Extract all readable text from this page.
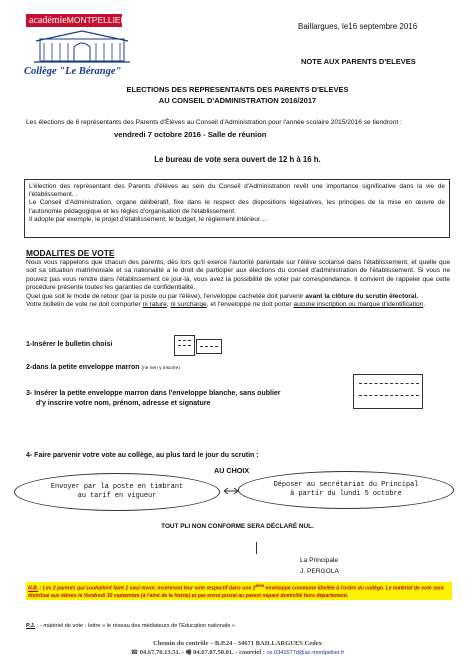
académieMONTPELLIER
Collège "Le Bérange"
Baillargues, le16 septembre 2016
NOTE AUX PARENTS D'ELEVES
ELECTIONS DES REPRESENTANTS DES PARENTS D'ELEVES
AU CONSEIL D'ADMINISTRATION 2016/2017
Les élections de 6 représentants des Parents d'Élèves au Conseil d'Administration pour l'année scolaire 2015/2016 se tiendront :
vendredi 7 octobre 2016 - Salle de réunion
Le bureau de vote sera ouvert de 12 h à 16 h.

L'élection des représentant des Parents d'élèves au sein du Conseil d'Administration revêt une importance significative dans la vie de l'établissement. .

Le Conseil d'Administration, organe délibératif, fixe dans le respect des dispositions législatives, les principes de la mise en œuvre de l'autonomie pédagogique et les règles d'organisation de l'établissement.

Il adopte par exemple, le projet d'établissement, le budget, le règlement intérieur…

MODALITES DE VOTE

Nous vous rappelons que chacun des parents, dès lors qu'il exerce l'autorité parentale sur l'élève scolarisé dans l'établissement, et quelle que soit sa situation matrimoniale et sa nationalité a le droit de participer aux élections du conseil d'administration de l'établissement. Si vous ne pouvez pas vous rendre dans l'établissement ce jour-là, vous avez la possibilité de voter par correspondance. Il convient de rappeler que cette procédure présente toutes les garanties de confidentialité.

Quel que soit le mode de retour (par la poste ou par l'élève), l'enveloppe cachetée doit parvenir avant la clôture du scrutin électoral.

Votre bulletin de vote ne doit comporter ni rature, ni surcharge, et l'enveloppe ne doit porter aucune inscription ou marque d'identification.

1-Insérer le bulletin choisi
2-dans la petite enveloppe marron (ne rien y inscrire)
3- Insérer la petite enveloppe marron dans l'enveloppe blanche, sans oublier
d'y inscrire votre nom, prénom, adresse et signature
4- Faire parvenir votre vote au collège, au plus tard le jour du scrutin :
AU CHOIX
Envoyer par la poste en timbrant
au tarif en vigueur
Déposer au secrétariat du Principal
à partir du lundi 5 octobre
TOUT PLI NON CONFORME SERA DÉCLARÉ NUL.
La Principale
J. PERGOLA
N.B. : Les 2 parents qui souhaitent faire 1 seul envoi, insèreront leur vote respectif dans une 2ème enveloppe commune libellée à l'ordre du collège. Le matériel de vote sera distribué aux élèves le Vendredi 30 septembre (à l'aîné de la fratrie) et par envoi postal au parent séparé domicilié hors département.
P.J. : - matériel de vote - lettre » le réseau des médiateurs de l'Education nationale »
Chemin du contrôle – B.P.24 - 34671 BAILLARGUES Cedex
☎ 04.67.70.13.51. - 🖷 04.67.87.50.01. - courriel : ce.0341577d@ac-montpellier.fr
